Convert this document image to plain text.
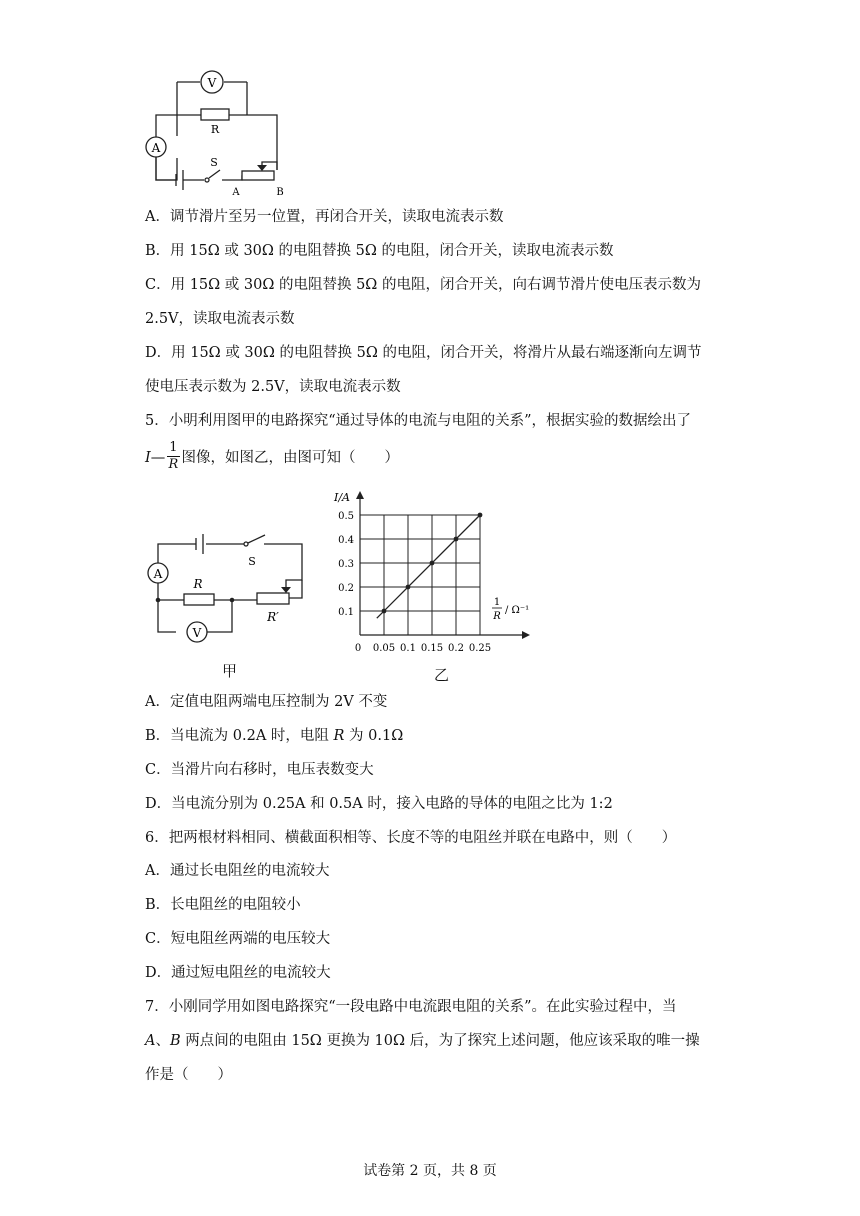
V
A
R
S
A	B
A．调节滑片至另一位置，再闭合开关，读取电流表示数
B．用 15Ω 或 30Ω 的电阻替换 5Ω 的电阻，闭合开关，读取电流表示数
C．用 15Ω 或 30Ω 的电阻替换 5Ω 的电阻，闭合开关，向右调节滑片使电压表示数为
2.5V，读取电流表示数
D．用 15Ω 或 30Ω 的电阻替换 5Ω 的电阻，闭合开关，将滑片从最右端逐渐向左调节
使电压表示数为 2.5V，读取电流表示数
5．小明利用图甲的电路探究“通过导体的电流与电阻的关系”，根据实验的数据绘出了
I— $\frac{1}{R}$ 图像，如图乙，由图可知（　　）
A
S
R
R′
V
甲
0.05 0.1 0.15 0.2 0.25
0.1
0.2
0.3
0.4
0.5
0
I/A
1
R
/ Ω⁻¹
乙
A．定值电阻两端电压控制为 2V 不变
B．当电流为 0.2A 时，电阻 R 为 0.1Ω
C．当滑片向右移时，电压表数变大
D．当电流分别为 0.25A 和 0.5A 时，接入电路的导体的电阻之比为 1:2
6．把两根材料相同、横截面积相等、长度不等的电阻丝并联在电路中，则（　　）
A．通过长电阻丝的电流较大
B．长电阻丝的电阻较小
C．短电阻丝两端的电压较大
D．通过短电阻丝的电流较大
7．小刚同学用如图电路探究“一段电路中电流跟电阻的关系”。在此实验过程中，当
A、B 两点间的电阻由 15Ω 更换为 10Ω 后，为了探究上述问题，他应该采取的唯一操
作是（　　）
试卷第 2 页，共 8 页
